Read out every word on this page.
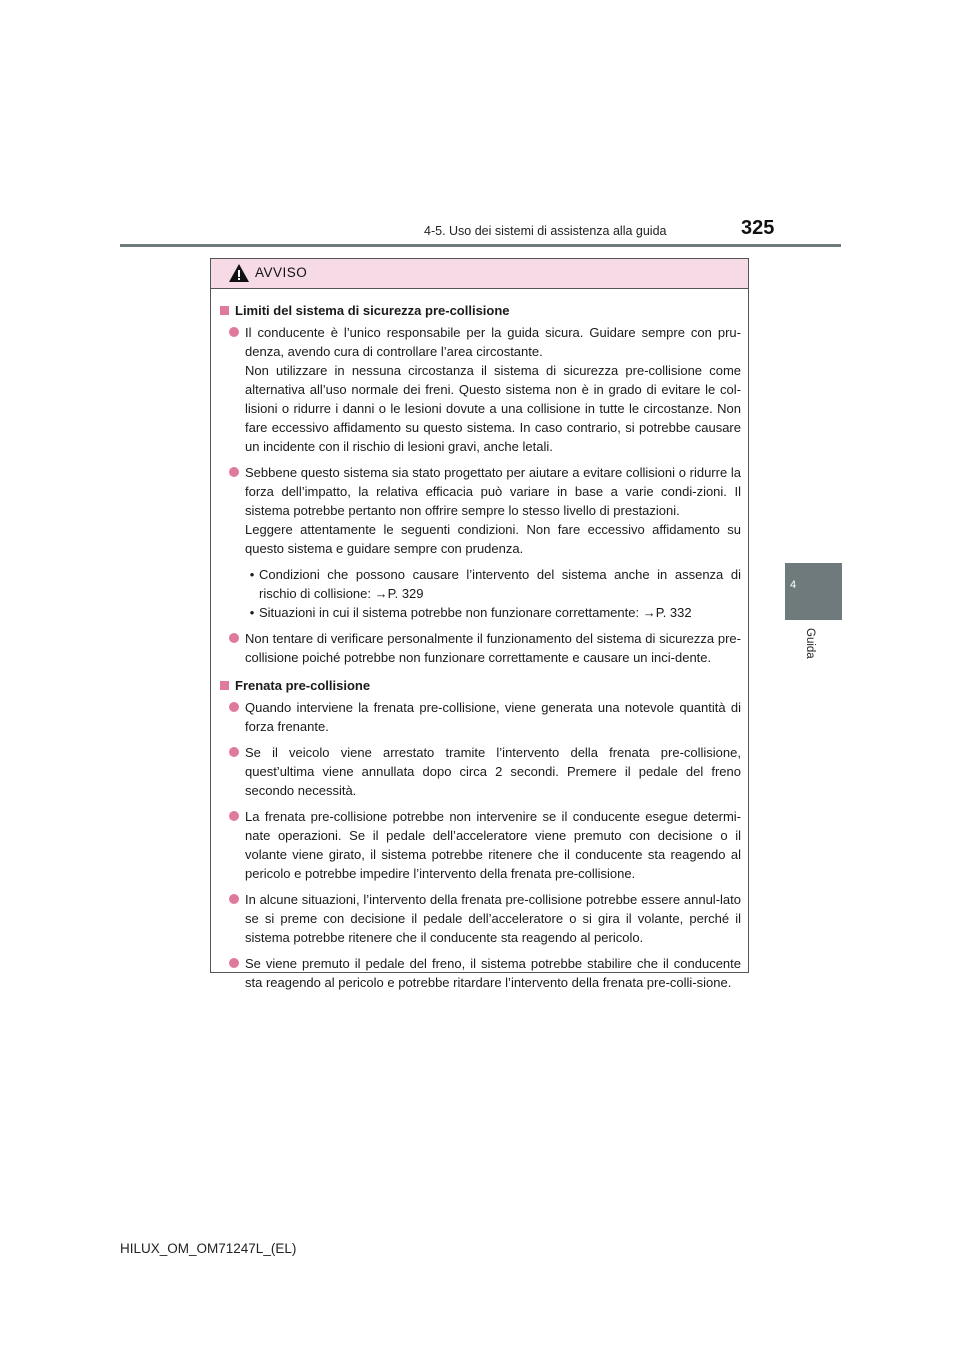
4-5. Uso dei sistemi di assistenza alla guida	325
4
Guida
AVVISO
Limiti del sistema di sicurezza pre-collisione
Il conducente è l’unico responsabile per la guida sicura. Guidare sempre con pru-denza, avendo cura di controllare l’area circostante.
Non utilizzare in nessuna circostanza il sistema di sicurezza pre-collisione come alternativa all’uso normale dei freni. Questo sistema non è in grado di evitare le col-lisioni o ridurre i danni o le lesioni dovute a una collisione in tutte le circostanze. Non fare eccessivo affidamento su questo sistema. In caso contrario, si potrebbe causare un incidente con il rischio di lesioni gravi, anche letali.
Sebbene questo sistema sia stato progettato per aiutare a evitare collisioni o ridurre la forza dell’impatto, la relativa efficacia può variare in base a varie condi-zioni. Il sistema potrebbe pertanto non offrire sempre lo stesso livello di prestazioni.
Leggere attentamente le seguenti condizioni. Non fare eccessivo affidamento su questo sistema e guidare sempre con prudenza.
• Condizioni che possono causare l’intervento del sistema anche in assenza di rischio di collisione: →P. 329
• Situazioni in cui il sistema potrebbe non funzionare correttamente: →P. 332
Non tentare di verificare personalmente il funzionamento del sistema di sicurezza pre-collisione poiché potrebbe non funzionare correttamente e causare un inci-dente.
Frenata pre-collisione
Quando interviene la frenata pre-collisione, viene generata una notevole quantità di forza frenante.
Se il veicolo viene arrestato tramite l’intervento della frenata pre-collisione, quest’ultima viene annullata dopo circa 2 secondi. Premere il pedale del freno secondo necessità.
La frenata pre-collisione potrebbe non intervenire se il conducente esegue determi-nate operazioni. Se il pedale dell’acceleratore viene premuto con decisione o il volante viene girato, il sistema potrebbe ritenere che il conducente sta reagendo al pericolo e potrebbe impedire l’intervento della frenata pre-collisione.
In alcune situazioni, l’intervento della frenata pre-collisione potrebbe essere annul-lato se si preme con decisione il pedale dell’acceleratore o si gira il volante, perché il sistema potrebbe ritenere che il conducente sta reagendo al pericolo.
Se viene premuto il pedale del freno, il sistema potrebbe stabilire che il conducente sta reagendo al pericolo e potrebbe ritardare l’intervento della frenata pre-colli-sione.
HILUX_OM_OM71247L_(EL)
